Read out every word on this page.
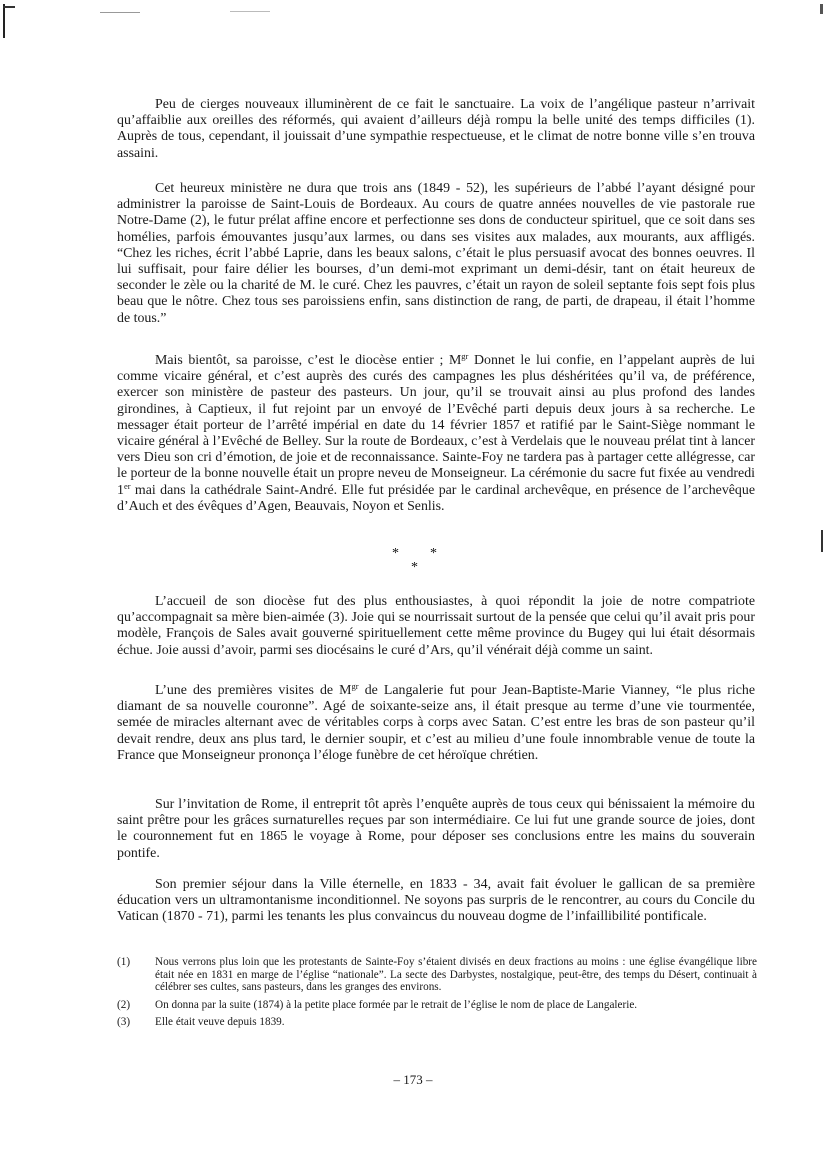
Peu de cierges nouveaux illuminèrent de ce fait le sanctuaire. La voix de l’angélique pasteur n’arrivait qu’affaiblie aux oreilles des réformés, qui avaient d’ailleurs déjà rompu la belle unité des temps difficiles (1). Auprès de tous, cependant, il jouissait d’une sympathie respectueuse, et le climat de notre bonne ville s’en trouva assaini.

Cet heureux ministère ne dura que trois ans (1849 - 52), les supérieurs de l’abbé l’ayant désigné pour administrer la paroisse de Saint-Louis de Bordeaux. Au cours de quatre années nouvelles de vie pastorale rue Notre-Dame (2), le futur prélat affine encore et perfectionne ses dons de conducteur spirituel, que ce soit dans ses homélies, parfois émouvantes jusqu’aux larmes, ou dans ses visites aux malades, aux mourants, aux affligés. “Chez les riches, écrit l’abbé Laprie, dans les beaux salons, c’était le plus persuasif avocat des bonnes oeuvres. Il lui suffisait, pour faire délier les bourses, d’un demi-mot exprimant un demi-désir, tant on était heureux de seconder le zèle ou la charité de M. le curé. Chez les pauvres, c’était un rayon de soleil septante fois sept fois plus beau que le nôtre. Chez tous ses paroissiens enfin, sans distinction de rang, de parti, de drapeau, il était l’homme de tous.”

Mais bientôt, sa paroisse, c’est le diocèse entier ; $M^{gr}$ Donnet le lui confie, en l’appelant auprès de lui comme vicaire général, et c’est auprès des curés des campagnes les plus déshéritées qu’il va, de préférence, exercer son ministère de pasteur des pasteurs. Un jour, qu’il se trouvait ainsi au plus profond des landes girondines, à Captieux, il fut rejoint par un envoyé de l’Evêché parti depuis deux jours à sa recherche. Le messager était porteur de l’arrêté impérial en date du 14 février 1857 et ratifié par le Saint-Siège nommant le vicaire général à l’Evêché de Belley. Sur la route de Bordeaux, c’est à Verdelais que le nouveau prélat tint à lancer vers Dieu son cri d’émotion, de joie et de reconnaissance. Sainte-Foy ne tardera pas à partager cette allégresse, car le porteur de la bonne nouvelle était un propre neveu de Monseigneur. La cérémonie du sacre fut fixée au vendredi 1er mai dans la cathédrale Saint-André. Elle fut présidée par le cardinal archevêque, en présence de l’archevêque d’Auch et des évêques d’Agen, Beauvais, Noyon et Senlis.

* *
*

L’accueil de son diocèse fut des plus enthousiastes, à quoi répondit la joie de notre compatriote qu’accompagnait sa mère bien-aimée (3). Joie qui se nourrissait surtout de la pensée que celui qu’il avait pris pour modèle, François de Sales avait gouverné spirituellement cette même province du Bugey qui lui était désormais échue. Joie aussi d’avoir, parmi ses diocésains le curé d’Ars, qu’il vénérait déjà comme un saint.

L’une des premières visites de $M^{gr}$ de Langalerie fut pour Jean-Baptiste-Marie Vianney, “le plus riche diamant de sa nouvelle couronne”. Agé de soixante-seize ans, il était presque au terme d’une vie tourmentée, semée de miracles alternant avec de véritables corps à corps avec Satan. C’est entre les bras de son pasteur qu’il devait rendre, deux ans plus tard, le dernier soupir, et c’est au milieu d’une foule innombrable venue de toute la France que Monseigneur prononça l’éloge funèbre de cet héroïque chrétien.

Sur l’invitation de Rome, il entreprit tôt après l’enquête auprès de tous ceux qui bénissaient la mémoire du saint prêtre pour les grâces surnaturelles reçues par son intermédiaire. Ce lui fut une grande source de joies, dont le couronnement fut en 1865 le voyage à Rome, pour déposer ses conclusions entre les mains du souverain pontife.

Son premier séjour dans la Ville éternelle, en 1833 - 34, avait fait évoluer le gallican de sa première éducation vers un ultramontanisme inconditionnel. Ne soyons pas surpris de le rencontrer, au cours du Concile du Vatican (1870 - 71), parmi les tenants les plus convaincus du nouveau dogme de l’infaillibilité pontificale.

(1)	Nous verrons plus loin que les protestants de Sainte-Foy s’étaient divisés en deux fractions au moins : une église évangélique libre était née en 1831 en marge de l’église “nationale”. La secte des Darbystes, nostalgique, peut-être, des temps du Désert, continuait à célébrer ses cultes, sans pasteurs, dans les granges des environs.
(2)	On donna par la suite (1874) à la petite place formée par le retrait de l’église le nom de place de Langalerie.
(3)	Elle était veuve depuis 1839.
– 173 –
